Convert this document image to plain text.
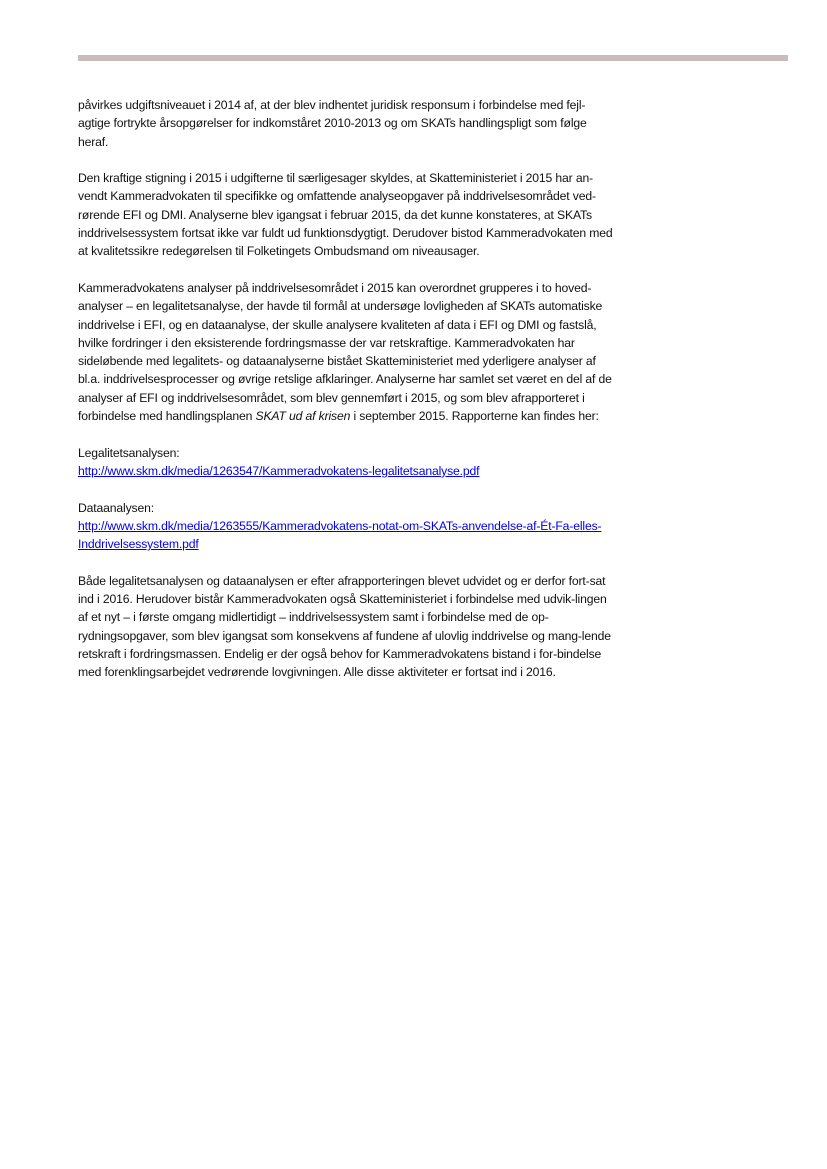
påvirkes udgiftsniveauet i 2014 af, at der blev indhentet juridisk responsum i forbindelse med fejl-agtige fortrykte årsopgørelser for indkomståret 2010-2013 og om SKATs handlingspligt som følge heraf.

Den kraftige stigning i 2015 i udgifterne til særligesager skyldes, at Skatteministeriet i 2015 har an-vendt Kammeradvokaten til specifikke og omfattende analyseopgaver på inddrivelsesområdet ved-rørende EFI og DMI. Analyserne blev igangsat i februar 2015, da det kunne konstateres, at SKATs inddrivelsessystem fortsat ikke var fuldt ud funktionsdygtigt. Derudover bistod Kammeradvokaten med at kvalitetssikre redegørelsen til Folketingets Ombudsmand om niveausager.

Kammeradvokatens analyser på inddrivelsesområdet i 2015 kan overordnet grupperes i to hoved-analyser – en legalitetsanalyse, der havde til formål at undersøge lovligheden af SKATs automatiske inddrivelse i EFI, og en dataanalyse, der skulle analysere kvaliteten af data i EFI og DMI og fastslå, hvilke fordringer i den eksisterende fordringsmasse der var retskraftige. Kammeradvokaten har sideløbende med legalitets- og dataanalyserne bistået Skatteministeriet med yderligere analyser af bl.a. inddrivelsesprocesser og øvrige retslige afklaringer. Analyserne har samlet set været en del af de analyser af EFI og inddrivelsesområdet, som blev gennemført i 2015, og som blev afrapporteret i forbindelse med handlingsplanen SKAT ud af krisen i september 2015. Rapporterne kan findes her:

Legalitetsanalysen:

http://www.skm.dk/media/1263547/Kammeradvokatens-legalitetsanalyse.pdf

Dataanalysen:

http://www.skm.dk/media/1263555/Kammeradvokatens-notat-om-SKATs-anvendelse-af-Ét-Fa-elles-Inddrivelsessystem.pdf

Både legalitetsanalysen og dataanalysen er efter afrapporteringen blevet udvidet og er derfor fort-sat ind i 2016. Herudover bistår Kammeradvokaten også Skatteministeriet i forbindelse med udvik-lingen af et nyt – i første omgang midlertidigt – inddrivelsessystem samt i forbindelse med de op-rydningsopgaver, som blev igangsat som konsekvens af fundene af ulovlig inddrivelse og mang-lende retskraft i fordringsmassen. Endelig er der også behov for Kammeradvokatens bistand i for-bindelse med forenklingsarbejdet vedrørende lovgivningen. Alle disse aktiviteter er fortsat ind i 2016.
